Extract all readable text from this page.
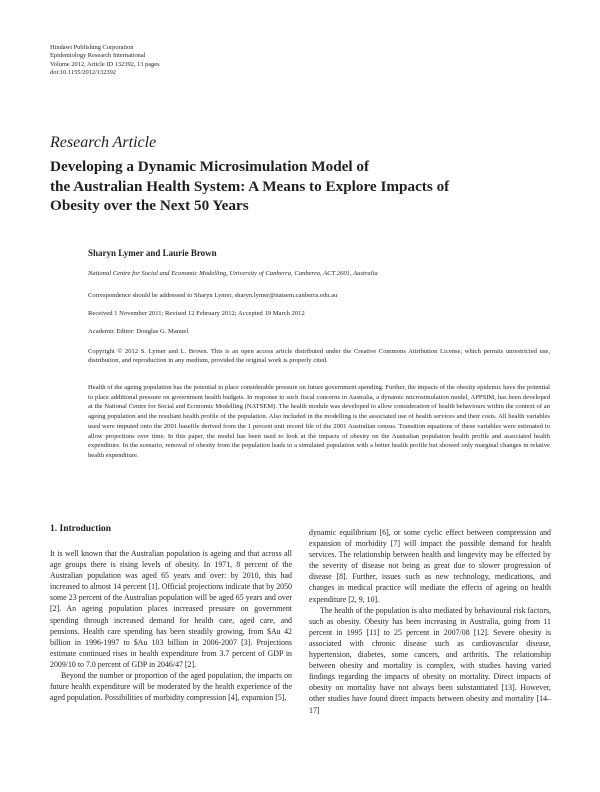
Hindawi Publishing Corporation
Epidemiology Research International
Volume 2012, Article ID 132392, 13 pages
doi:10.1155/2012/132392
Research Article
Developing a Dynamic Microsimulation Model of
the Australian Health System: A Means to Explore Impacts of
Obesity over the Next 50 Years
Sharyn Lymer and Laurie Brown
National Centre for Social and Economic Modelling, University of Canberra, Canberra, ACT 2601, Australia
Correspondence should be addressed to Sharyn Lymer, sharyn.lymer@natsem.canberra.edu.au
Received 1 November 2011; Revised 12 February 2012; Accepted 19 March 2012
Academic Editor: Douglas G. Manuel
Copyright © 2012 S. Lymer and L. Brown. This is an open access article distributed under the Creative Commons Attribution License, which permits unrestricted use, distribution, and reproduction in any medium, provided the original work is properly cited.
Health of the ageing population has the potential to place considerable pressure on future government spending. Further, the impacts of the obesity epidemic have the potential to place additional pressure on government health budgets. In response to such fiscal concerns in Australia, a dynamic microsimulation model, APPSIM, has been developed at the National Centre for Social and Economic Modelling (NATSEM). The health module was developed to allow consideration of health behaviours within the context of an ageing population and the resultant health profile of the population. Also included in the modelling is the associated use of health services and their costs. All health variables used were imputed onto the 2001 basefile derived from the 1 percent unit record file of the 2001 Australian census. Transition equations of these variables were estimated to allow projections over time. In this paper, the model has been used to look at the impacts of obesity on the Australian population health profile and associated health expenditure. In the scenario, removal of obesity from the population leads to a simulated population with a better health profile but showed only marginal changes in relative health expenditure.
1. Introduction

It is well known that the Australian population is ageing and that across all age groups there is rising levels of obesity. In 1971, 8 percent of the Australian population was aged 65 years and over: by 2010, this had increased to almost 14 percent [1]. Official projections indicate that by 2050 some 23 percent of the Australian population will be aged 65 years and over [2]. An ageing population places increased pressure on government spending through increased demand for health care, aged care, and pensions. Health care spending has been steadily growing, from $Au 42 billion in 1996-1997 to $Au 103 billion in 2006-2007 [3]. Projections estimate continued rises in health expenditure from 3.7 percent of GDP in 2009/10 to 7.0 percent of GDP in 2046/47 [2].

Beyond the number or proportion of the aged population, the impacts on future health expenditure will be moderated by the health experience of the aged population. Possibilities of morbidity compression [4], expansion [5],

dynamic equilibrium [6], or some cyclic effect between compression and expansion of morbidity [7] will impact the possible demand for health services. The relationship between health and longevity may be effected by the severity of disease not being as great due to slower progression of disease [8]. Further, issues such as new technology, medications, and changes in medical practice will mediate the effects of ageing on health expenditure [2, 9, 10].

The health of the population is also mediated by behavioural risk factors, such as obesity. Obesity has been increasing in Australia, going from 11 percent in 1995 [11] to 25 percent in 2007/08 [12]. Severe obesity is associated with chronic disease such as cardiovascular disease, hypertension, diabetes, some cancers, and arthritis. The relationship between obesity and mortality is complex, with studies having varied findings regarding the impacts of obesity on mortality. Direct impacts of obesity on mortality have not always been substantiated [13]. However, other studies have found direct impacts between obesity and mortality [14–17]
